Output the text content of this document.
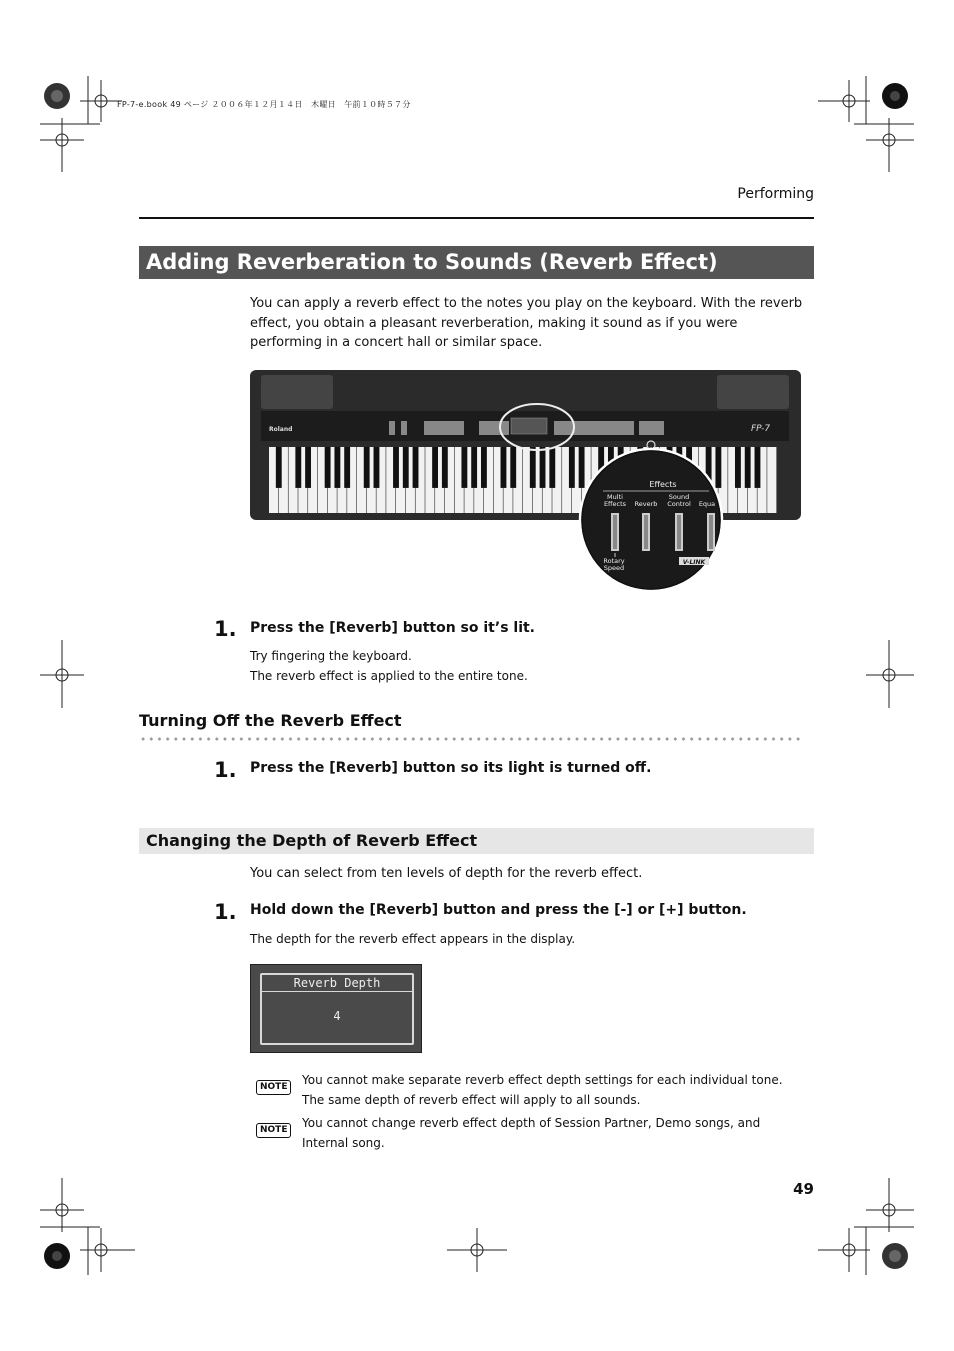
FP-7-e.book 49 ページ ２００６年１２月１４日　木曜日　午前１０時５７分
Performing
Adding Reverberation to Sounds (Reverb Effect)
You can apply a reverb effect to the notes you play on the keyboard. With the reverb effect, you obtain a pleasant reverberation, making it sound as if you were performing in a concert hall or similar space.
Roland	FP-7
Effects
Multi
Effects Reverb
Sound
Control Equa
Rotary
Speed
V-LINK
1. Press the [Reverb] button so it’s lit.
Try fingering the keyboard.
The reverb effect is applied to the entire tone.
Turning Off the Reverb Effect
1. Press the [Reverb] button so its light is turned off.
Changing the Depth of Reverb Effect
You can select from ten levels of depth for the reverb effect.
1. Hold down the [Reverb] button and press the [-] or [+] button.
The depth for the reverb effect appears in the display.
Reverb Depth
4
NOTE	You cannot make separate reverb effect depth settings for each individual tone. The same depth of reverb effect will apply to all sounds.
NOTE	You cannot change reverb effect depth of Session Partner, Demo songs, and Internal song.
49
